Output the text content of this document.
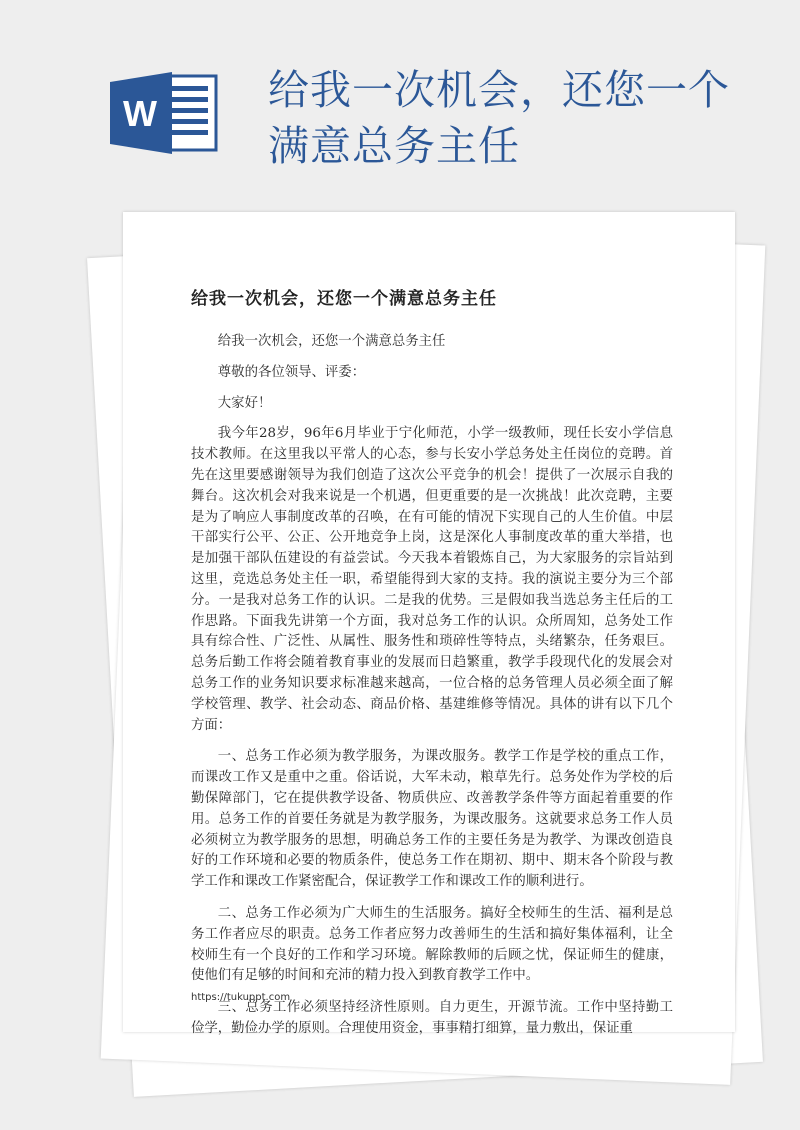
W	给我一次机会，还您一个满意总务主任
给我一次机会，还您一个满意总务主任

给我一次机会，还您一个满意总务主任

尊敬的各位领导、评委：

大家好！

我今年28岁，96年6月毕业于宁化师范，小学一级教师，现任长安小学信息技术教师。在这里我以平常人的心态，参与长安小学总务处主任岗位的竞聘。首先在这里要感谢领导为我们创造了这次公平竞争的机会！提供了一次展示自我的舞台。这次机会对我来说是一个机遇，但更重要的是一次挑战！此次竞聘，主要是为了响应人事制度改革的召唤，在有可能的情况下实现自己的人生价值。中层干部实行公平、公正、公开地竞争上岗，这是深化人事制度改革的重大举措，也是加强干部队伍建设的有益尝试。今天我本着锻炼自己，为大家服务的宗旨站到这里，竞选总务处主任一职，希望能得到大家的支持。我的演说主要分为三个部分。一是我对总务工作的认识。二是我的优势。三是假如我当选总务主任后的工作思路。下面我先讲第一个方面，我对总务工作的认识。众所周知，总务处工作具有综合性、广泛性、从属性、服务性和琐碎性等特点，头绪繁杂，任务艰巨。总务后勤工作将会随着教育事业的发展而日趋繁重，教学手段现代化的发展会对总务工作的业务知识要求标准越来越高，一位合格的总务管理人员必须全面了解学校管理、教学、社会动态、商品价格、基建维修等情况。具体的讲有以下几个方面：

一、总务工作必须为教学服务，为课改服务。教学工作是学校的重点工作，而课改工作又是重中之重。俗话说，大军未动，粮草先行。总务处作为学校的后勤保障部门，它在提供教学设备、物质供应、改善教学条件等方面起着重要的作用。总务工作的首要任务就是为教学服务，为课改服务。这就要求总务工作人员必须树立为教学服务的思想，明确总务工作的主要任务是为教学、为课改创造良好的工作环境和必要的物质条件，使总务工作在期初、期中、期末各个阶段与教学工作和课改工作紧密配合，保证教学工作和课改工作的顺利进行。

二、总务工作必须为广大师生的生活服务。搞好全校师生的生活、福利是总务工作者应尽的职责。总务工作者应努力改善师生的生活和搞好集体福利，让全校师生有一个良好的工作和学习环境。解除教师的后顾之忧，保证师生的健康，使他们有足够的时间和充沛的精力投入到教育教学工作中。

三、总务工作必须坚持经济性原则。自力更生，开源节流。工作中坚持勤工俭学，勤俭办学的原则。合理使用资金，事事精打细算，量力敷出，保证重

https://tukuppt.com
